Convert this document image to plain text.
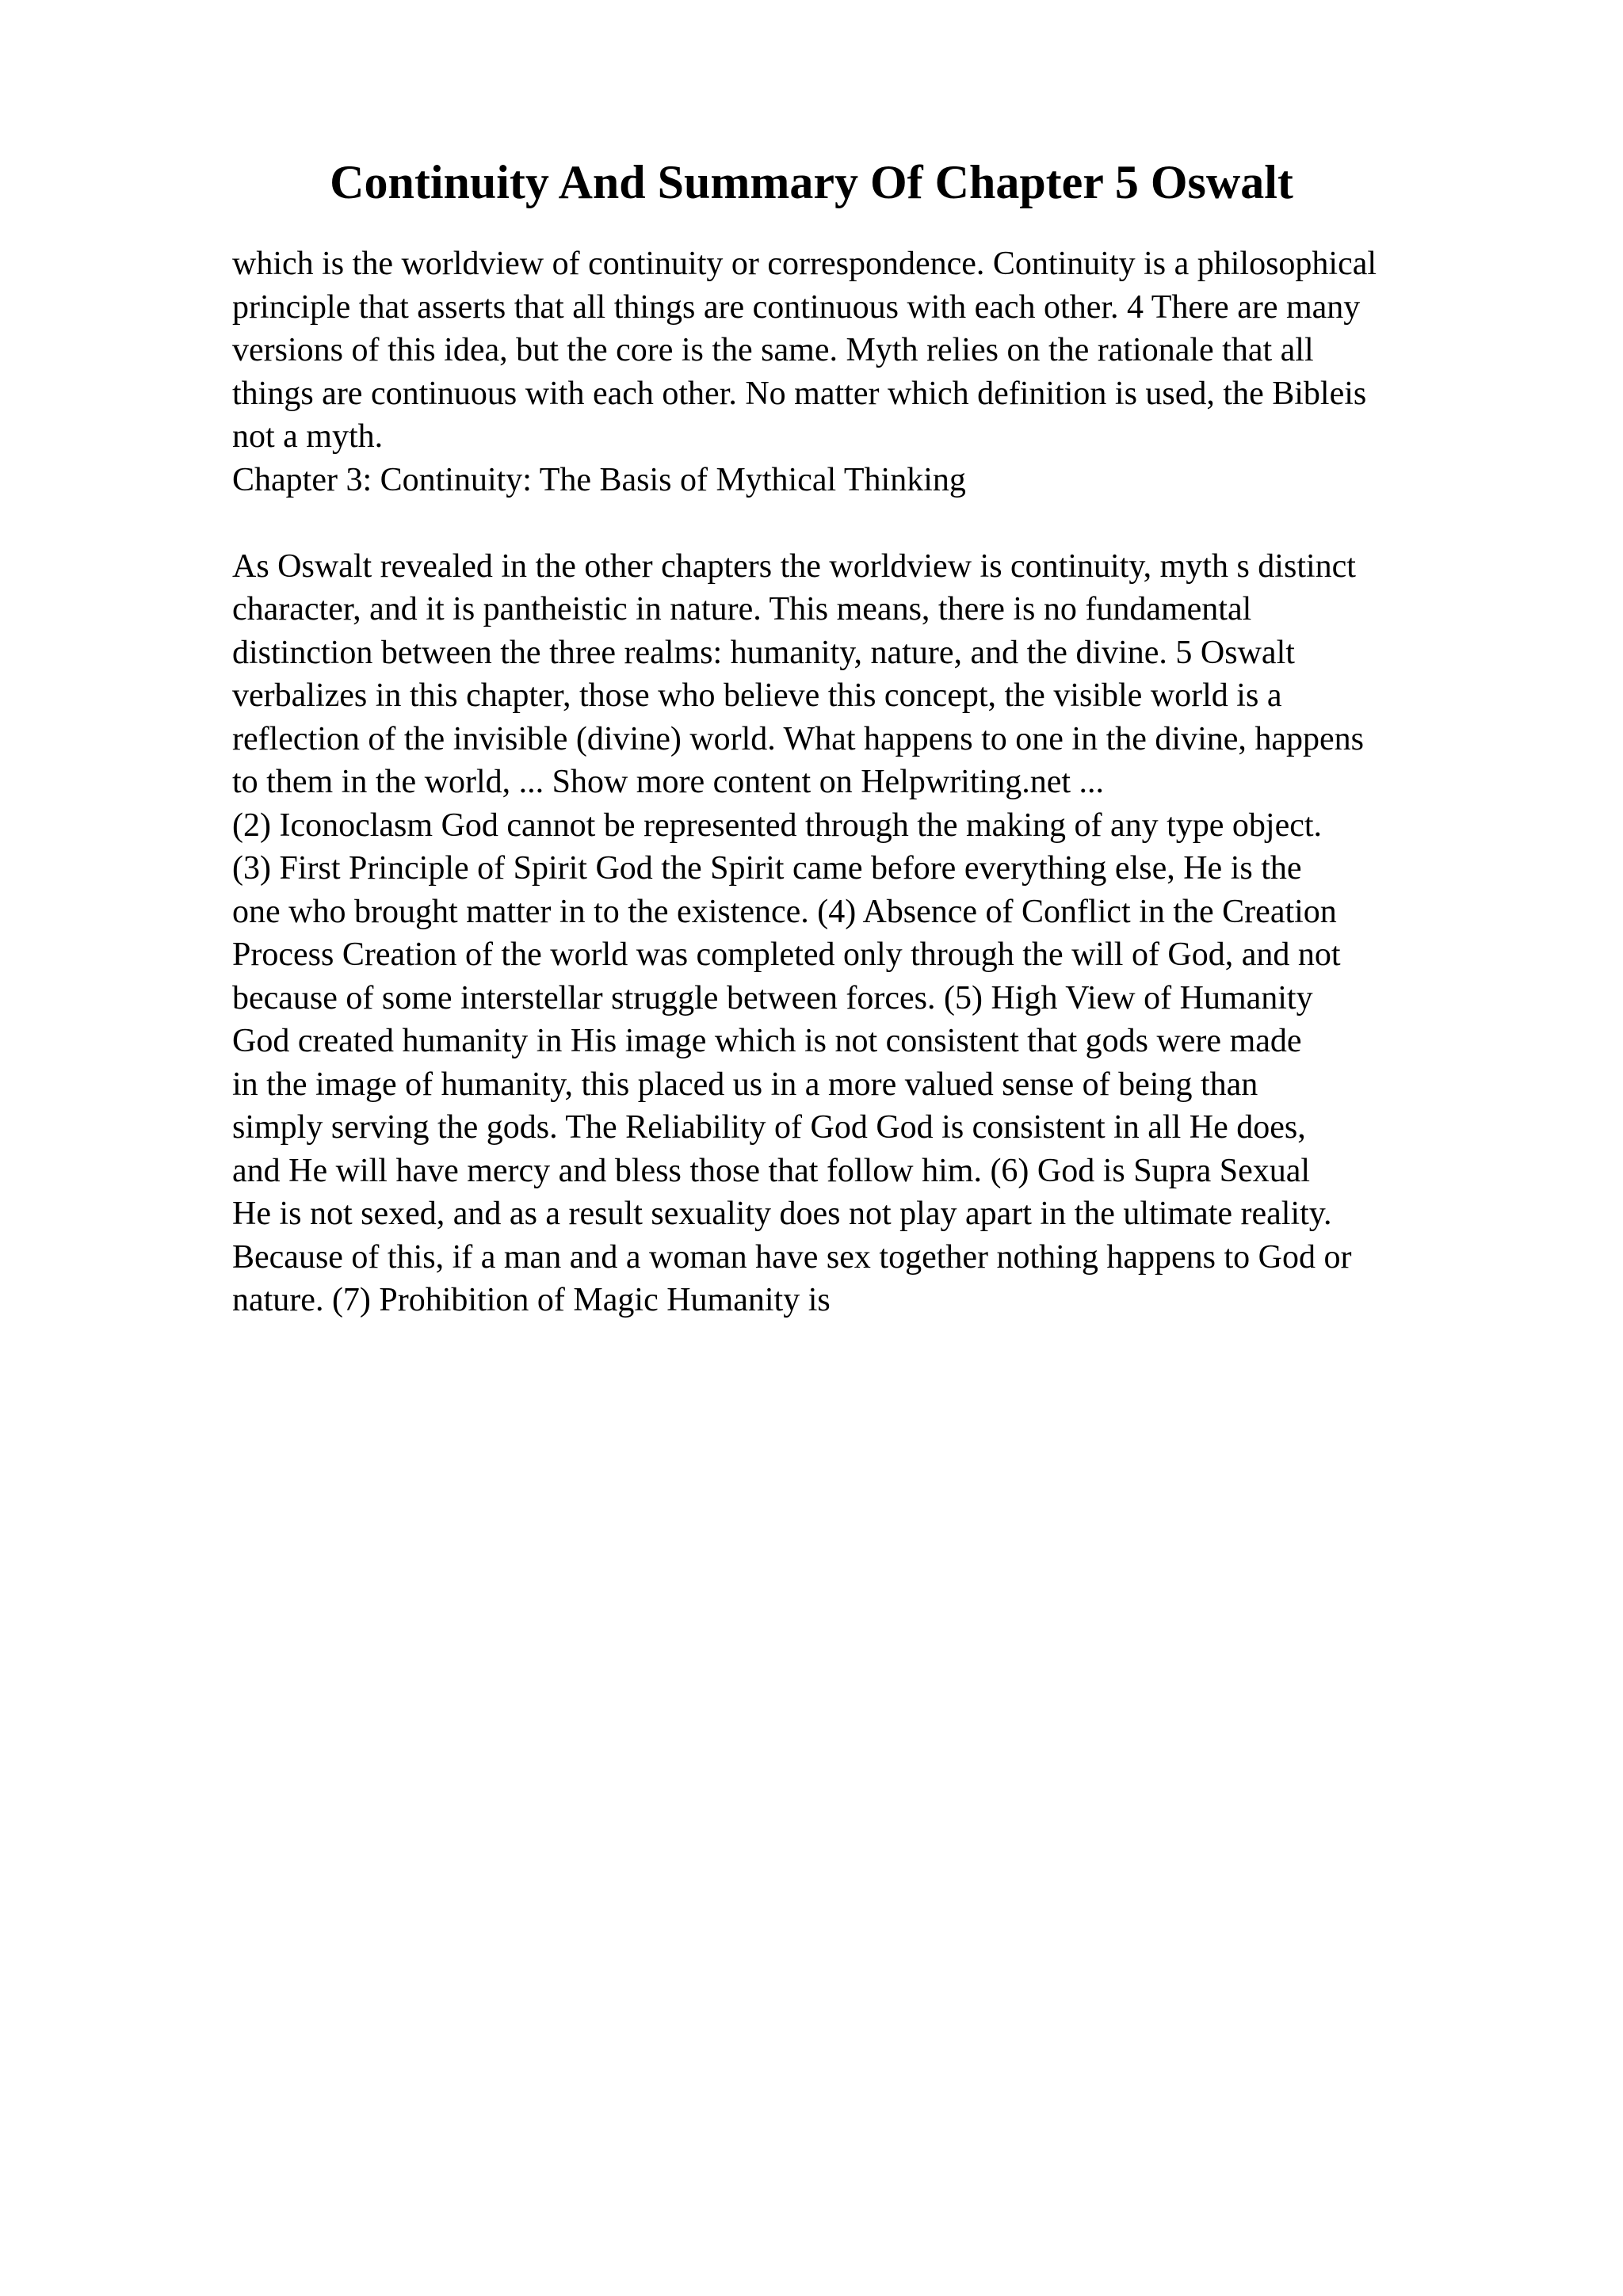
Continuity And Summary Of Chapter 5 Oswalt
which is the worldview of continuity or correspondence. Continuity is a philosophical
principle that asserts that all things are continuous with each other. 4 There are many
versions of this idea, but the core is the same. Myth relies on the rationale that all
things are continuous with each other. No matter which definition is used, the Bibleis
not a myth.
Chapter 3: Continuity: The Basis of Mythical Thinking
As Oswalt revealed in the other chapters the worldview is continuity, myth s distinct
character, and it is pantheistic in nature. This means, there is no fundamental
distinction between the three realms: humanity, nature, and the divine. 5 Oswalt
verbalizes in this chapter, those who believe this concept, the visible world is a
reflection of the invisible (divine) world. What happens to one in the divine, happens
to them in the world, ... Show more content on Helpwriting.net ...
(2) Iconoclasm God cannot be represented through the making of any type object.
(3) First Principle of Spirit God the Spirit came before everything else, He is the
one who brought matter in to the existence. (4) Absence of Conflict in the Creation
Process Creation of the world was completed only through the will of God, and not
because of some interstellar struggle between forces. (5) High View of Humanity
God created humanity in His image which is not consistent that gods were made
in the image of humanity, this placed us in a more valued sense of being than
simply serving the gods. The Reliability of God God is consistent in all He does,
and He will have mercy and bless those that follow him. (6) God is Supra Sexual
He is not sexed, and as a result sexuality does not play apart in the ultimate reality.
Because of this, if a man and a woman have sex together nothing happens to God or
nature. (7) Prohibition of Magic Humanity is
